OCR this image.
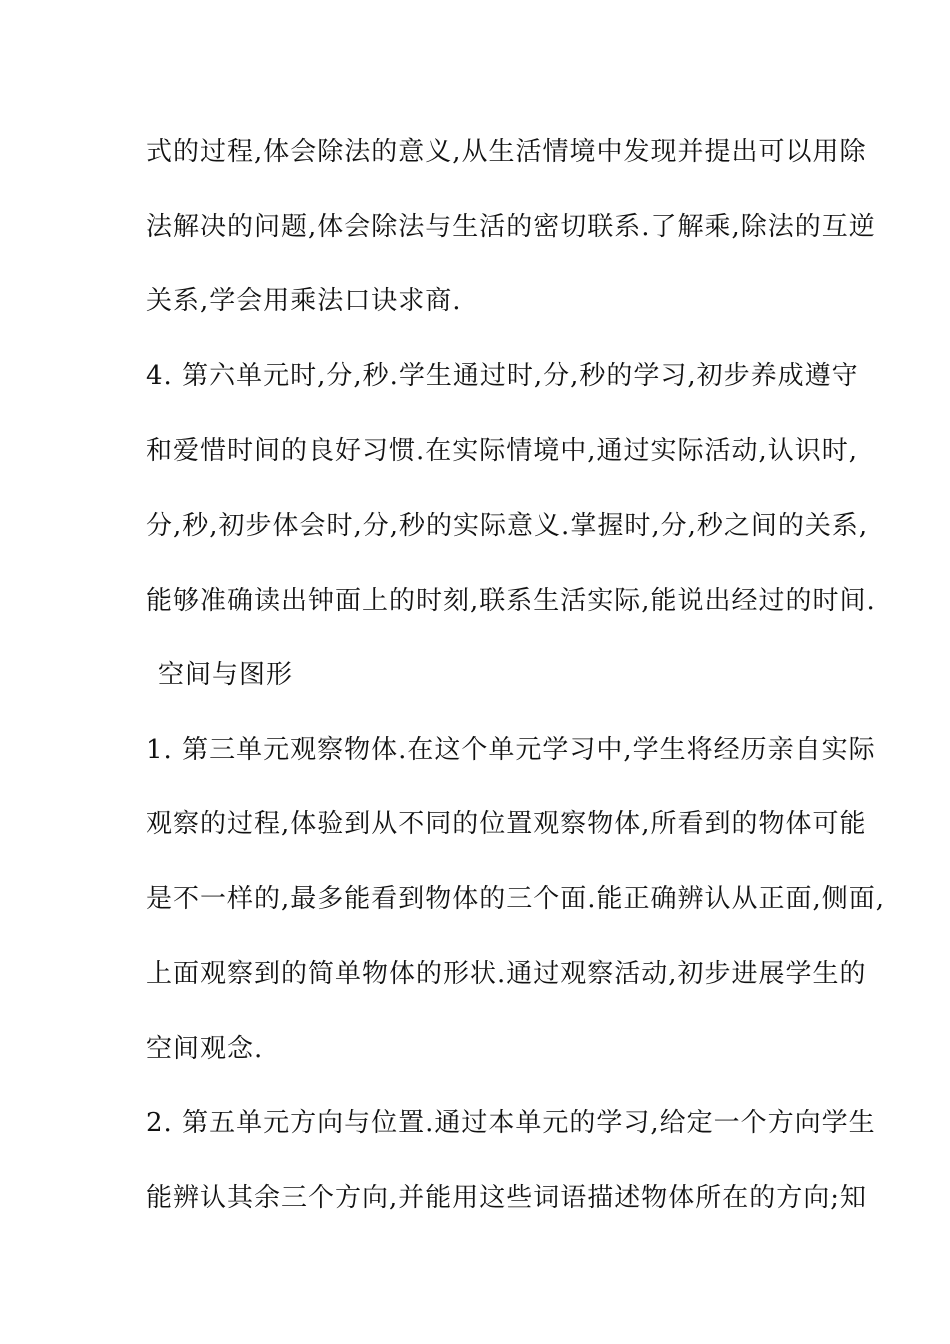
式的过程,体会除法的意义,从生活情境中发现并提出可以用除
法解决的问题,体会除法与生活的密切联系.了解乘,除法的互逆
关系,学会用乘法口诀求商.
4. 第六单元时,分,秒.学生通过时,分,秒的学习,初步养成遵守
和爱惜时间的良好习惯.在实际情境中,通过实际活动,认识时,
分,秒,初步体会时,分,秒的实际意义.掌握时,分,秒之间的关系,
能够准确读出钟面上的时刻,联系生活实际,能说出经过的时间.
空间与图形
1. 第三单元观察物体.在这个单元学习中,学生将经历亲自实际
观察的过程,体验到从不同的位置观察物体,所看到的物体可能
是不一样的,最多能看到物体的三个面.能正确辨认从正面,侧面,
上面观察到的简单物体的形状.通过观察活动,初步进展学生的
空间观念.
2. 第五单元方向与位置.通过本单元的学习,给定一个方向学生
能辨认其余三个方向,并能用这些词语描述物体所在的方向;知
